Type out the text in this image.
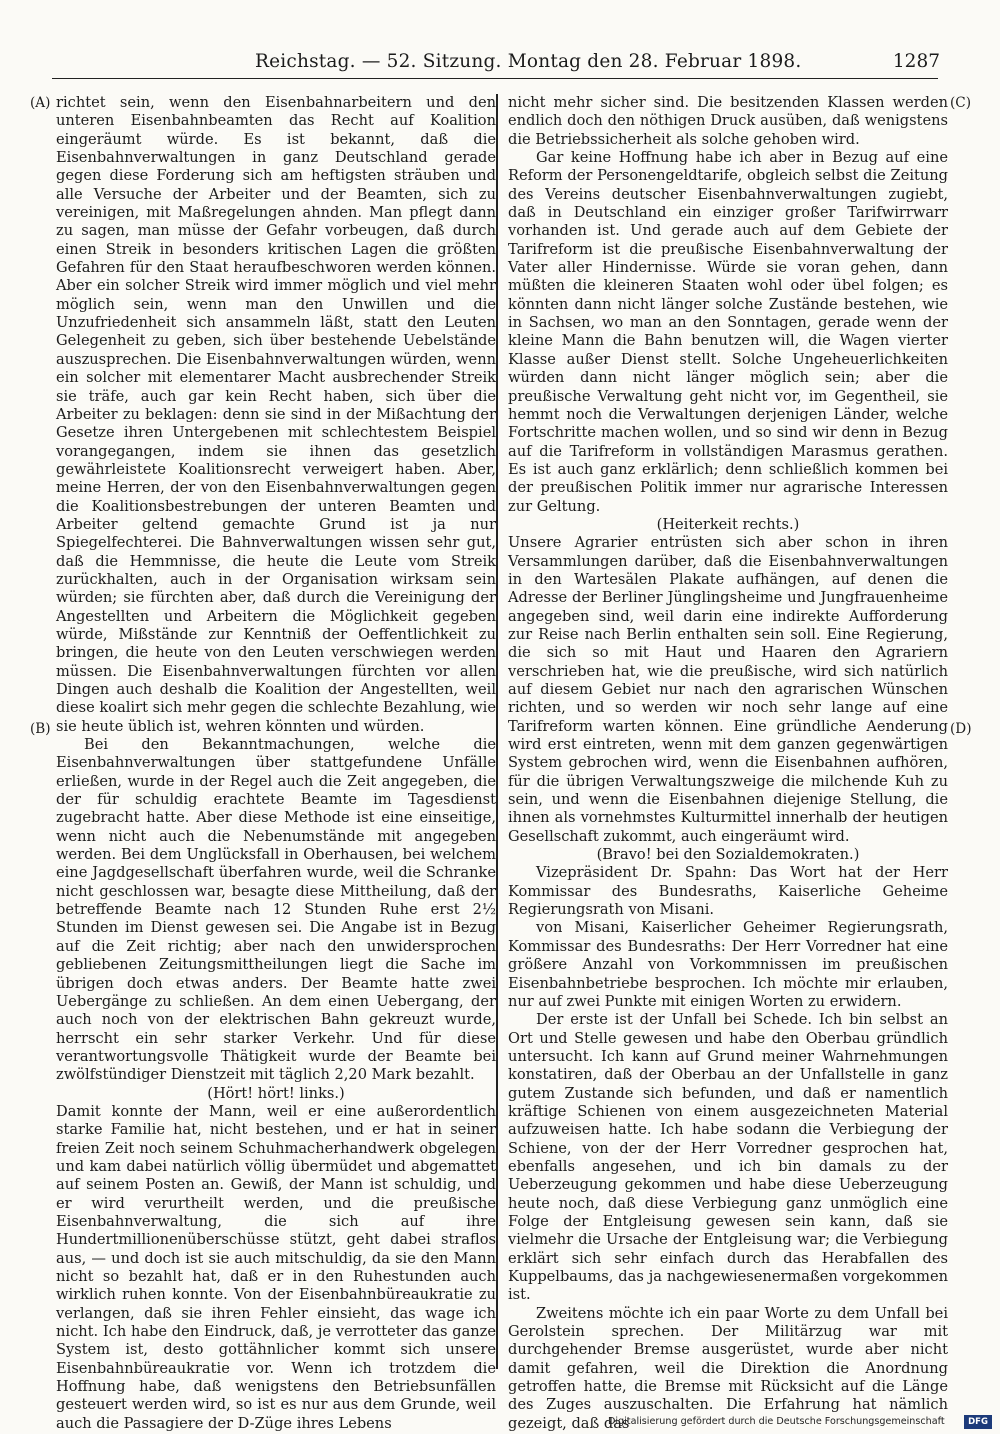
Reichstag. — 52. Sitzung. Montag den 28. Februar 1898.	1287
(A)
(B)
(C)
(D)

richtet sein, wenn den Eisenbahnarbeitern und den unteren Eisenbahnbeamten das Recht auf Koalition eingeräumt würde. Es ist bekannt, daß die Eisenbahnverwaltungen in ganz Deutschland gerade gegen diese Forderung sich am heftigsten sträuben und alle Versuche der Arbeiter und der Beamten, sich zu vereinigen, mit Maßregelungen ahnden. Man pflegt dann zu sagen, man müsse der Gefahr vorbeugen, daß durch einen Streik in besonders kritischen Lagen die größten Gefahren für den Staat heraufbeschworen werden können. Aber ein solcher Streik wird immer möglich und viel mehr möglich sein, wenn man den Unwillen und die Unzufriedenheit sich ansammeln läßt, statt den Leuten Gelegenheit zu geben, sich über bestehende Uebelstände auszusprechen. Die Eisenbahnverwaltungen würden, wenn ein solcher mit elementarer Macht ausbrechender Streik sie träfe, auch gar kein Recht haben, sich über die Arbeiter zu beklagen: denn sie sind in der Mißachtung der Gesetze ihren Untergebenen mit schlechtestem Beispiel vorangegangen, indem sie ihnen das gesetzlich gewährleistete Koalitionsrecht verweigert haben. Aber, meine Herren, der von den Eisenbahnverwaltungen gegen die Koalitionsbestrebungen der unteren Beamten und Arbeiter geltend gemachte Grund ist ja nur Spiegelfechterei. Die Bahnverwaltungen wissen sehr gut, daß die Hemmnisse, die heute die Leute vom Streik zurückhalten, auch in der Organisation wirksam sein würden; sie fürchten aber, daß durch die Vereinigung der Angestellten und Arbeitern die Möglichkeit gegeben würde, Mißstände zur Kenntniß der Oeffentlichkeit zu bringen, die heute von den Leuten verschwiegen werden müssen. Die Eisenbahnverwaltungen fürchten vor allen Dingen auch deshalb die Koalition der Angestellten, weil diese koalirt sich mehr gegen die schlechte Bezahlung, wie sie heute üblich ist, wehren könnten und würden.

Bei den Bekanntmachungen, welche die Eisenbahnverwaltungen über stattgefundene Unfälle erließen, wurde in der Regel auch die Zeit angegeben, die der für schuldig erachtete Beamte im Tagesdienst zugebracht hatte. Aber diese Methode ist eine einseitige, wenn nicht auch die Nebenumstände mit angegeben werden. Bei dem Unglücksfall in Oberhausen, bei welchem eine Jagdgesellschaft überfahren wurde, weil die Schranke nicht geschlossen war, besagte diese Mittheilung, daß der betreffende Beamte nach 12 Stunden Ruhe erst 2½ Stunden im Dienst gewesen sei. Die Angabe ist in Bezug auf die Zeit richtig; aber nach den unwidersprochen gebliebenen Zeitungsmittheilungen liegt die Sache im übrigen doch etwas anders. Der Beamte hatte zwei Uebergänge zu schließen. An dem einen Uebergang, der auch noch von der elektrischen Bahn gekreuzt wurde, herrscht ein sehr starker Verkehr. Und für diese verantwortungsvolle Thätigkeit wurde der Beamte bei zwölfstündiger Dienstzeit mit täglich 2,20 Mark bezahlt.

(Hört! hört! links.)

Damit konnte der Mann, weil er eine außerordentlich starke Familie hat, nicht bestehen, und er hat in seiner freien Zeit noch seinem Schuhmacherhandwerk obgelegen und kam dabei natürlich völlig übermüdet und abgemattet auf seinem Posten an. Gewiß, der Mann ist schuldig, und er wird verurtheilt werden, und die preußische Eisenbahnverwaltung, die sich auf ihre Hundertmillionenüberschüsse stützt, geht dabei straflos aus, — und doch ist sie auch mitschuldig, da sie den Mann nicht so bezahlt hat, daß er in den Ruhestunden auch wirklich ruhen konnte. Von der Eisenbahnbüreaukratie zu verlangen, daß sie ihren Fehler einsieht, das wage ich nicht. Ich habe den Eindruck, daß, je verrotteter das ganze System ist, desto gottähnlicher kommt sich unsere Eisenbahnbüreaukratie vor. Wenn ich trotzdem die Hoffnung habe, daß wenigstens den Betriebsunfällen gesteuert werden wird, so ist es nur aus dem Grunde, weil auch die Passagiere der D-Züge ihres Lebens

nicht mehr sicher sind. Die besitzenden Klassen werden endlich doch den nöthigen Druck ausüben, daß wenigstens die Betriebssicherheit als solche gehoben wird.

Gar keine Hoffnung habe ich aber in Bezug auf eine Reform der Personengeldtarife, obgleich selbst die Zeitung des Vereins deutscher Eisenbahnverwaltungen zugiebt, daß in Deutschland ein einziger großer Tarifwirrwarr vorhanden ist. Und gerade auch auf dem Gebiete der Tarifreform ist die preußische Eisenbahnverwaltung der Vater aller Hindernisse. Würde sie voran gehen, dann müßten die kleineren Staaten wohl oder übel folgen; es könnten dann nicht länger solche Zustände bestehen, wie in Sachsen, wo man an den Sonntagen, gerade wenn der kleine Mann die Bahn benutzen will, die Wagen vierter Klasse außer Dienst stellt. Solche Ungeheuerlichkeiten würden dann nicht länger möglich sein; aber die preußische Verwaltung geht nicht vor, im Gegentheil, sie hemmt noch die Verwaltungen derjenigen Länder, welche Fortschritte machen wollen, und so sind wir denn in Bezug auf die Tarifreform in vollständigen Marasmus gerathen. Es ist auch ganz erklärlich; denn schließlich kommen bei der preußischen Politik immer nur agrarische Interessen zur Geltung.

(Heiterkeit rechts.)

Unsere Agrarier entrüsten sich aber schon in ihren Versammlungen darüber, daß die Eisenbahnverwaltungen in den Wartesälen Plakate aufhängen, auf denen die Adresse der Berliner Jünglingsheime und Jungfrauenheime angegeben sind, weil darin eine indirekte Aufforderung zur Reise nach Berlin enthalten sein soll. Eine Regierung, die sich so mit Haut und Haaren den Agrariern verschrieben hat, wie die preußische, wird sich natürlich auf diesem Gebiet nur nach den agrarischen Wünschen richten, und so werden wir noch sehr lange auf eine Tarifreform warten können. Eine gründliche Aenderung wird erst eintreten, wenn mit dem ganzen gegenwärtigen System gebrochen wird, wenn die Eisenbahnen aufhören, für die übrigen Verwaltungszweige die milchende Kuh zu sein, und wenn die Eisenbahnen diejenige Stellung, die ihnen als vornehmstes Kulturmittel innerhalb der heutigen Gesellschaft zukommt, auch eingeräumt wird.

(Bravo! bei den Sozialdemokraten.)

Vizepräsident Dr. Spahn: Das Wort hat der Herr Kommissar des Bundesraths, Kaiserliche Geheime Regierungsrath von Misani.

von Misani, Kaiserlicher Geheimer Regierungsrath, Kommissar des Bundesraths: Der Herr Vorredner hat eine größere Anzahl von Vorkommnissen im preußischen Eisenbahnbetriebe besprochen. Ich möchte mir erlauben, nur auf zwei Punkte mit einigen Worten zu erwidern.

Der erste ist der Unfall bei Schede. Ich bin selbst an Ort und Stelle gewesen und habe den Oberbau gründlich untersucht. Ich kann auf Grund meiner Wahrnehmungen konstatiren, daß der Oberbau an der Unfallstelle in ganz gutem Zustande sich befunden, und daß er namentlich kräftige Schienen von einem ausgezeichneten Material aufzuweisen hatte. Ich habe sodann die Verbiegung der Schiene, von der der Herr Vorredner gesprochen hat, ebenfalls angesehen, und ich bin damals zu der Ueberzeugung gekommen und habe diese Ueberzeugung heute noch, daß diese Verbiegung ganz unmöglich eine Folge der Entgleisung gewesen sein kann, daß sie vielmehr die Ursache der Entgleisung war; die Verbiegung erklärt sich sehr einfach durch das Herabfallen des Kuppelbaums, das ja nachgewiesenermaßen vorgekommen ist.

Zweitens möchte ich ein paar Worte zu dem Unfall bei Gerolstein sprechen. Der Militärzug war mit durchgehender Bremse ausgerüstet, wurde aber nicht damit gefahren, weil die Direktion die Anordnung getroffen hatte, die Bremse mit Rücksicht auf die Länge des Zuges auszuschalten. Die Erfahrung hat nämlich gezeigt, daß das

Digitalisierung gefördert durch die Deutsche Forschungsgemeinschaft	DFG
